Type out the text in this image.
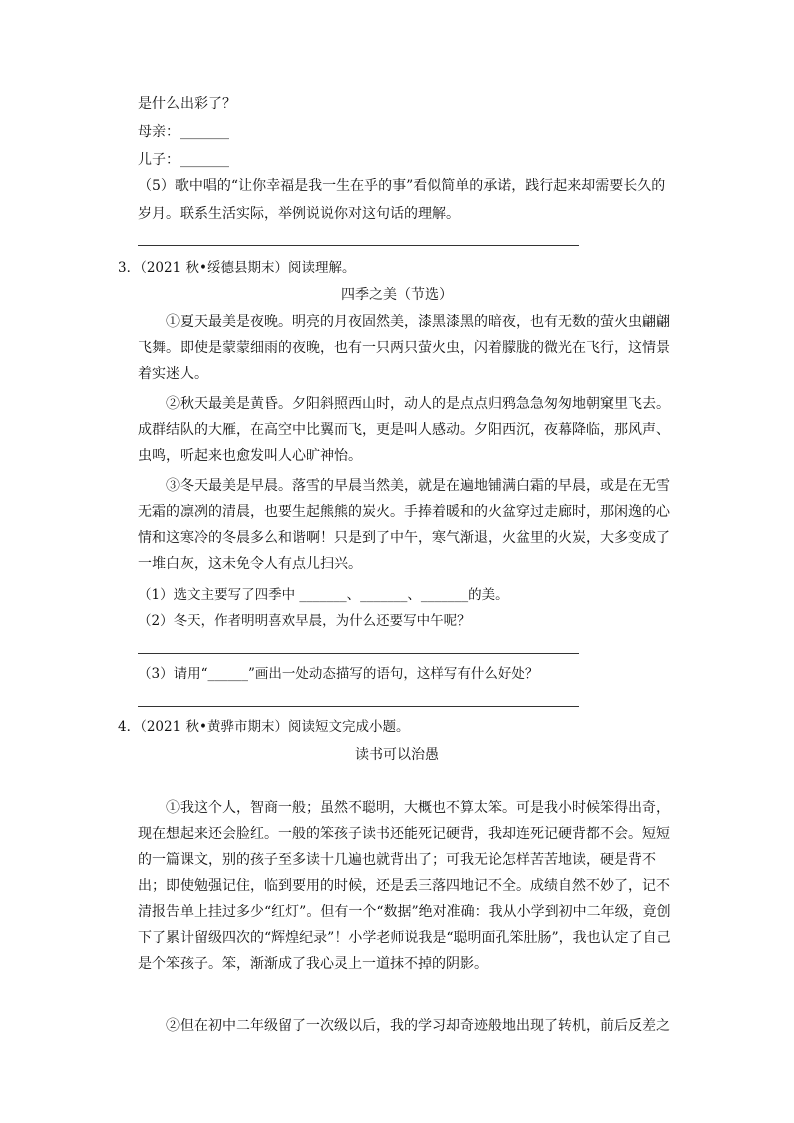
是什么出彩了？
母亲：_______
儿子：_______
（5）歌中唱的“让你幸福是我一生在乎的事”看似简单的承诺，践行起来却需要长久的
岁月。联系生活实际，举例说说你对这句话的理解。
3．（2021 秋•绥德县期末）阅读理解。
四季之美（节选）
①夏天最美是夜晚。明亮的月夜固然美，漆黑漆黑的暗夜，也有无数的萤火虫翩翩飞舞。即使是蒙蒙细雨的夜晚，也有一只两只萤火虫，闪着朦胧的微光在飞行，这情景着实迷人。
②秋天最美是黄昏。夕阳斜照西山时，动人的是点点归鸦急急匆匆地朝窠里飞去。成群结队的大雁，在高空中比翼而飞，更是叫人感动。夕阳西沉，夜幕降临，那风声、虫鸣，听起来也愈发叫人心旷神怡。
③冬天最美是早晨。落雪的早晨当然美，就是在遍地铺满白霜的早晨，或是在无雪无霜的凛冽的清晨，也要生起熊熊的炭火。手捧着暖和的火盆穿过走廊时，那闲逸的心情和这寒冷的冬晨多么和谐啊！只是到了中午，寒气渐退，火盆里的火炭，大多变成了一堆白灰，这未免令人有点儿扫兴。
（1）选文主要写了四季中 _______、_______、_______的美。
（2）冬天，作者明明喜欢早晨，为什么还要写中午呢？
（3）请用“______”画出一处动态描写的语句，这样写有什么好处？
4．（2021 秋•黄骅市期末）阅读短文完成小题。
读书可以治愚
①我这个人，智商一般；虽然不聪明，大概也不算太笨。可是我小时候笨得出奇，现在想起来还会脸红。一般的笨孩子读书还能死记硬背，我却连死记硬背都不会。短短的一篇课文，别的孩子至多读十几遍也就背出了；可我无论怎样苦苦地读，硬是背不出；即使勉强记住，临到要用的时候，还是丢三落四地记不全。成绩自然不妙了，记不清报告单上挂过多少“红灯”。但有一个“数据”绝对准确：我从小学到初中二年级，竟创下了累计留级四次的“辉煌纪录”！小学老师说我是“聪明面孔笨肚肠”，我也认定了自己是个笨孩子。笨，渐渐成了我心灵上一道抹不掉的阴影。
②但在初中二年级留了一次级以后，我的学习却奇迹般地出现了转机，前后反差之
